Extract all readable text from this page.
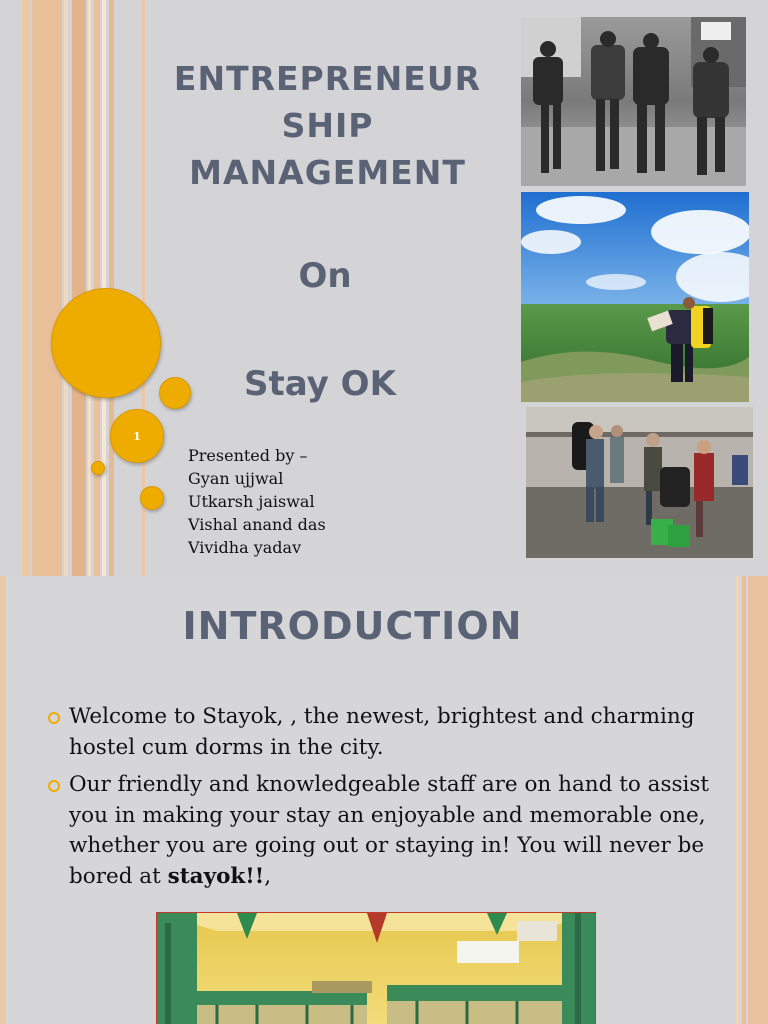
ENTREPRENEUR
SHIP
MANAGEMENT
On
Stay OK
1
Presented by –
Gyan ujjwal
Utkarsh jaiswal
Vishal anand das
Vividha yadav
INTRODUCTION
Welcome to Stayok, , the newest, brightest and charming hostel cum dorms in the city.
Our friendly and knowledgeable staff are on hand to assist you in making your stay an enjoyable and memorable one, whether you are going out or staying in! You will never be bored at stayok!!,
